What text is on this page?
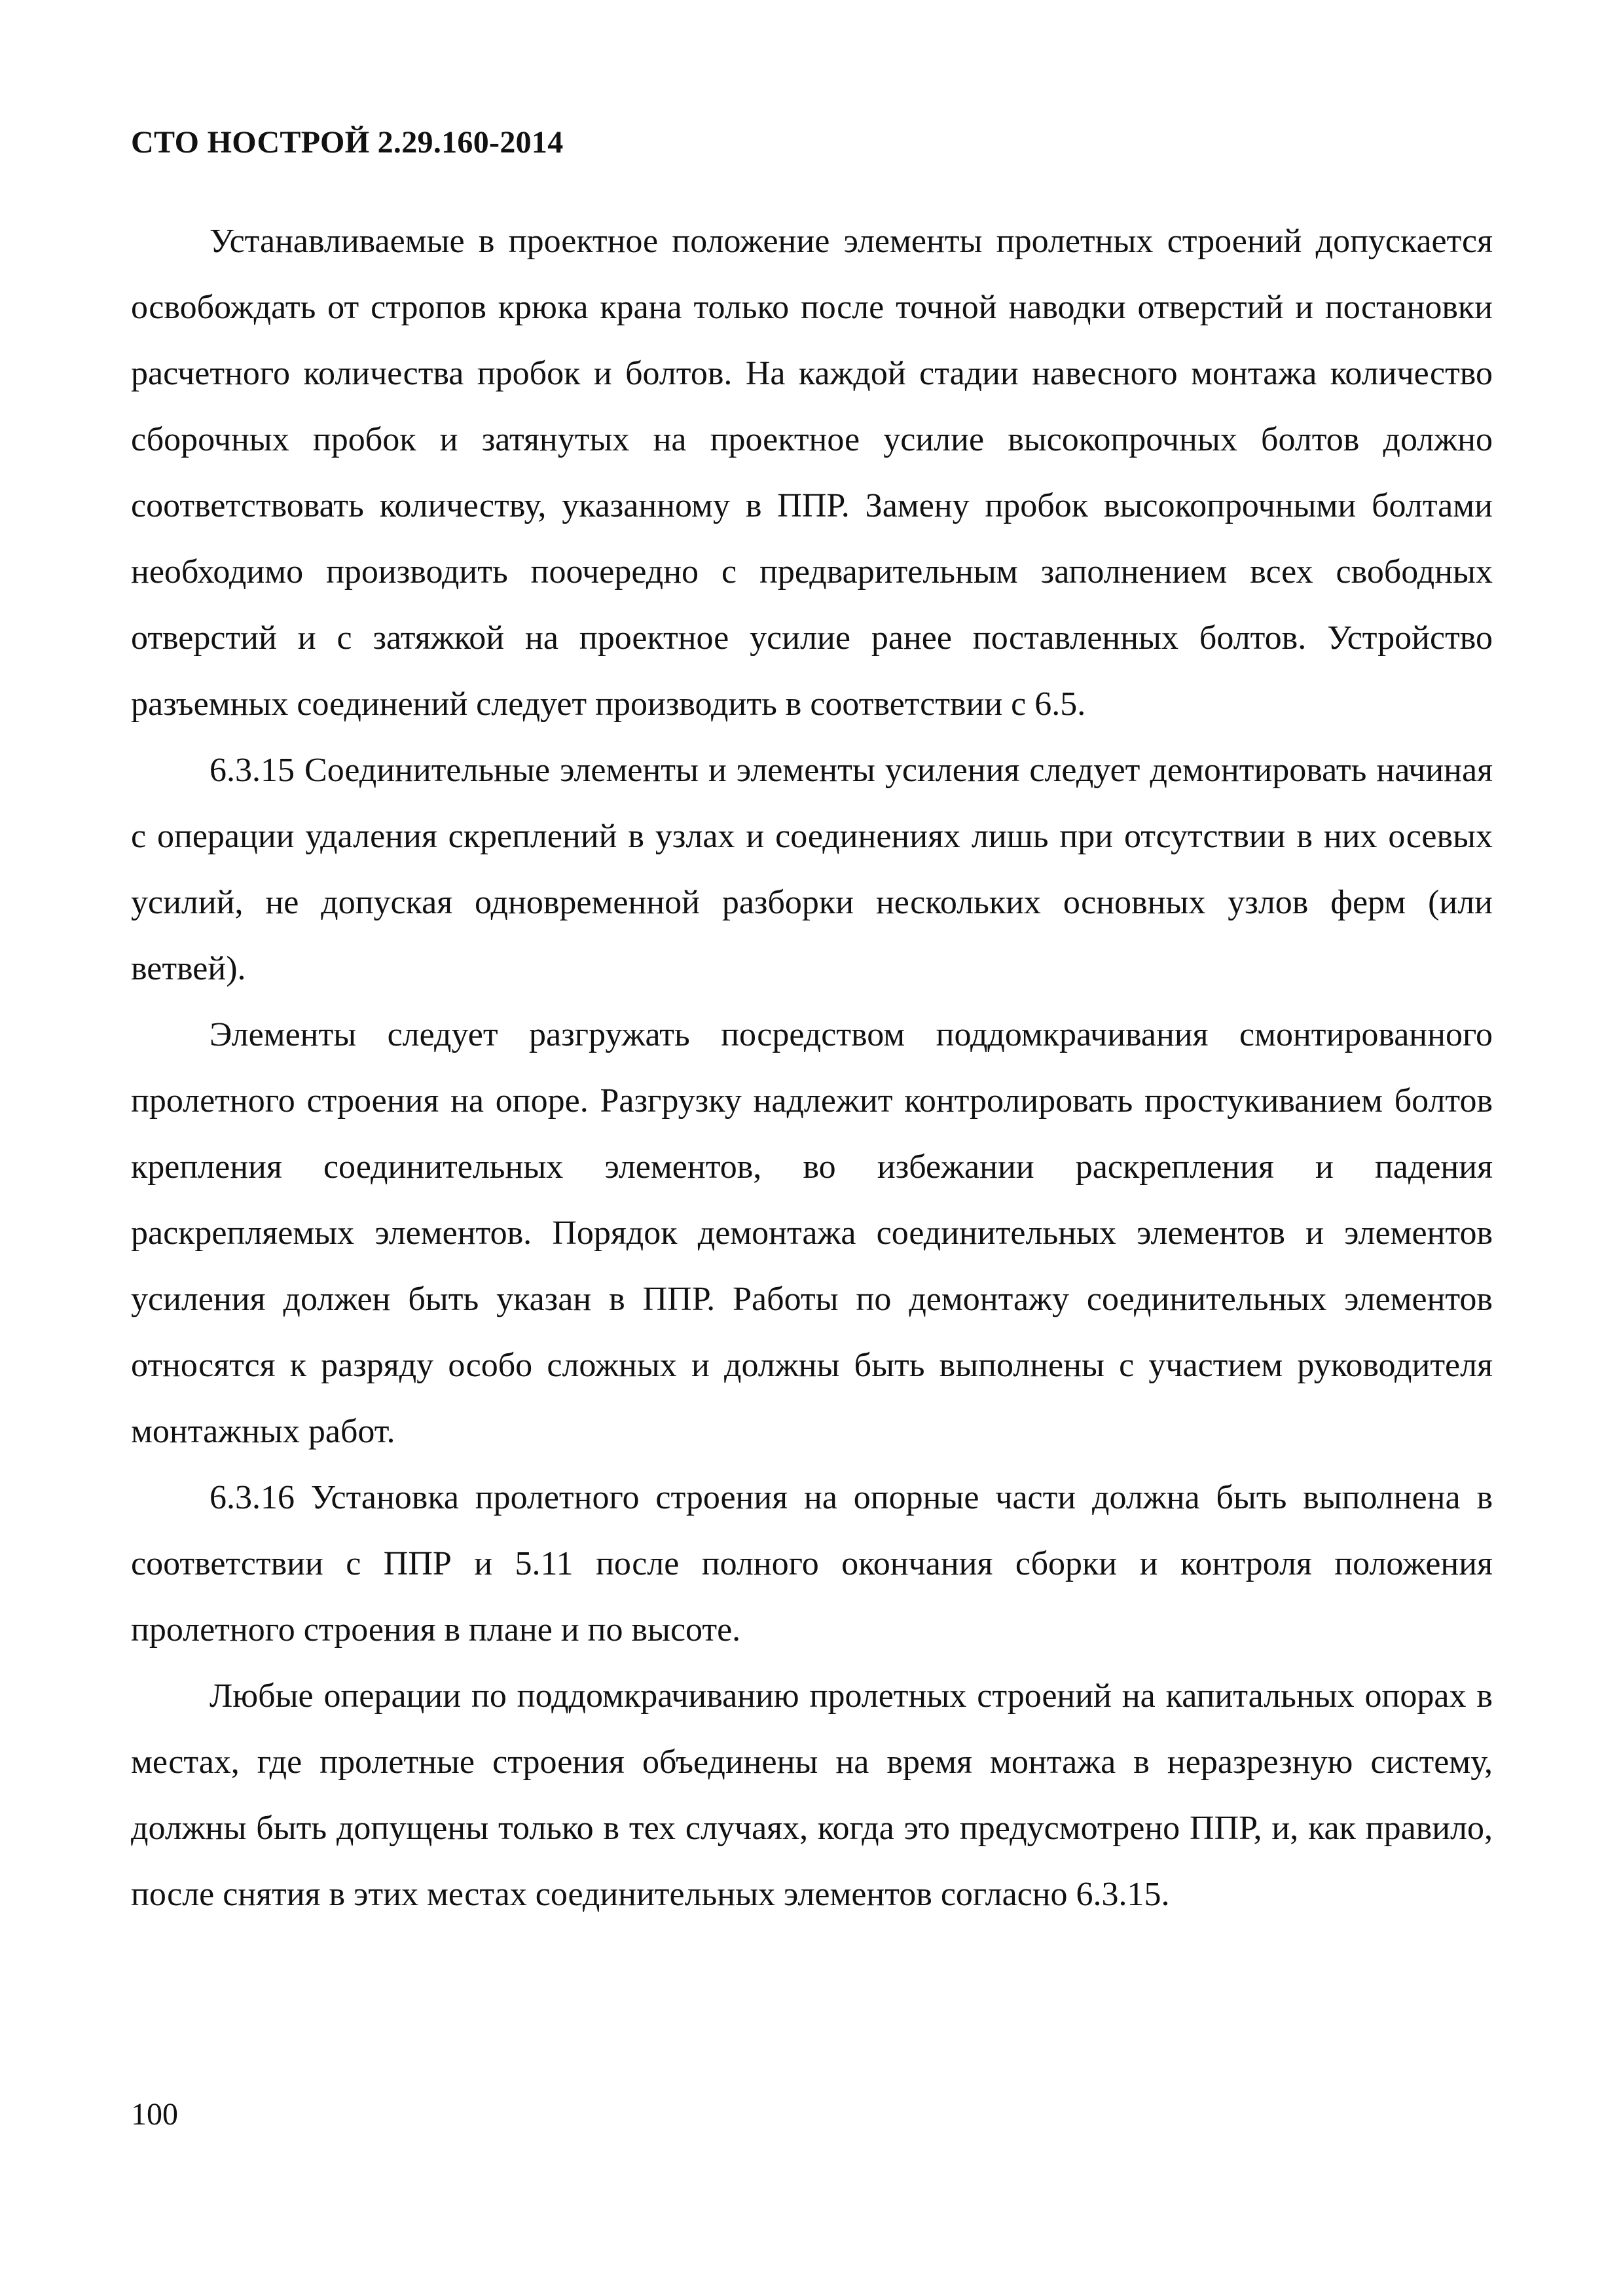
СТО НОСТРОЙ 2.29.160-2014

Устанавливаемые в проектное положение элементы пролетных строений допускается освобождать от стропов крюка крана только после точной наводки отверстий и постановки расчетного количества пробок и болтов. На каждой стадии навесного монтажа количество сборочных пробок и затянутых на проектное усилие высокопрочных болтов должно соответствовать количеству, указанному в ППР. Замену пробок высокопрочными болтами необходимо производить поочередно с предварительным заполнением всех свободных отверстий и с затяжкой на проектное усилие ранее поставленных болтов. Устройство разъемных соединений следует производить в соответствии с 6.5.

6.3.15 Соединительные элементы и элементы усиления следует демонтировать начиная с операции удаления скреплений в узлах и соединениях лишь при отсутствии в них осевых усилий, не допуская одновременной разборки нескольких основных узлов ферм (или ветвей).

Элементы следует разгружать посредством поддомкрачивания смонтированного пролетного строения на опоре. Разгрузку надлежит контролировать простукиванием болтов крепления соединительных элементов, во избежании раскрепления и падения раскрепляемых элементов. Порядок демонтажа соединительных элементов и элементов усиления должен быть указан в ППР. Работы по демонтажу соединительных элементов относятся к разряду особо сложных и должны быть выполнены с участием руководителя монтажных работ.

6.3.16 Установка пролетного строения на опорные части должна быть выполнена в соответствии с ППР и 5.11 после полного окончания сборки и контроля положения пролетного строения в плане и по высоте.

Любые операции по поддомкрачиванию пролетных строений на капитальных опорах в местах, где пролетные строения объединены на время монтажа в неразрезную систему, должны быть допущены только в тех случаях, когда это предусмотрено ППР, и, как правило, после снятия в этих местах соединительных элементов согласно 6.3.15.

100
